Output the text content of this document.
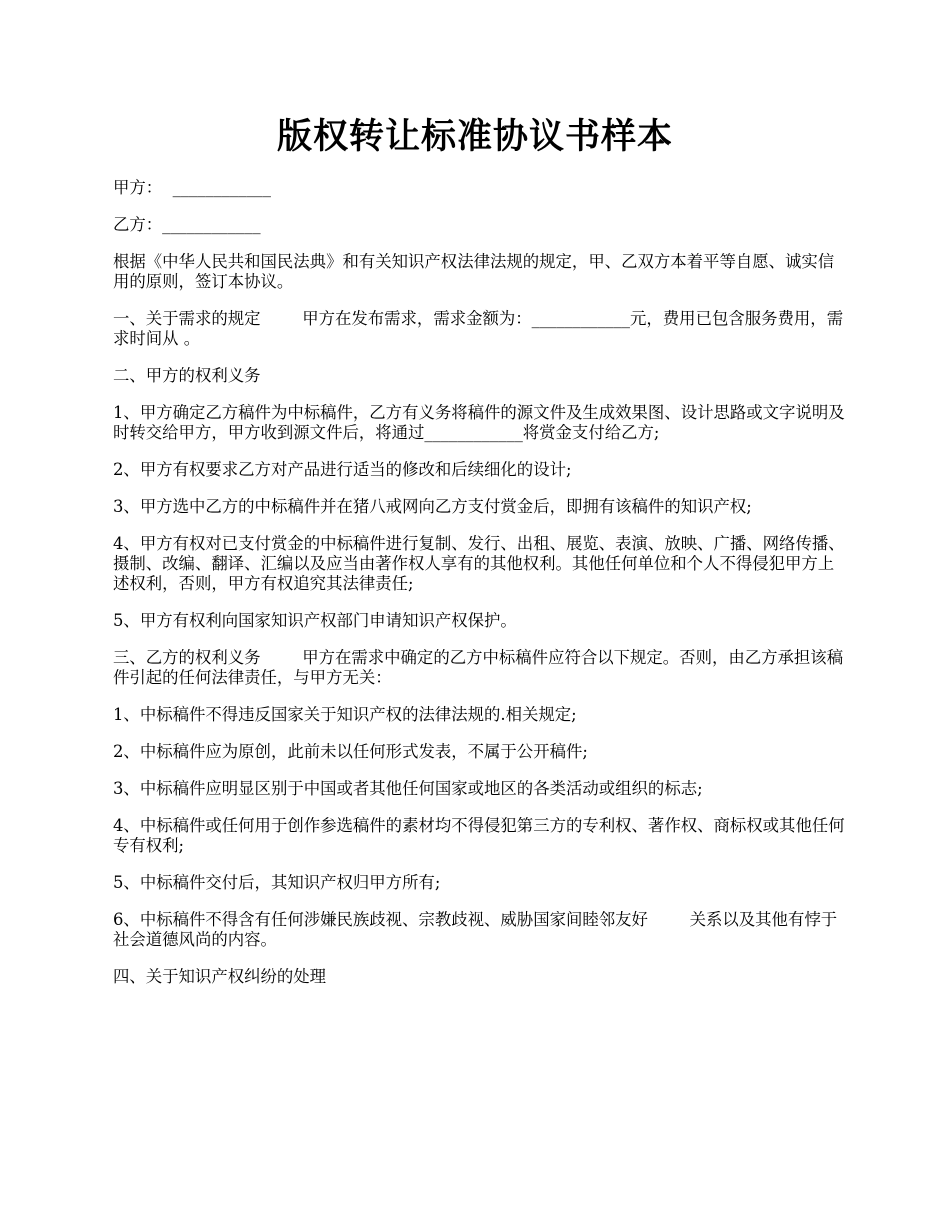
版权转让标准协议书样本

甲方：  ____________

乙方：____________

根据《中华人民共和国民法典》和有关知识产权法律法规的规定，甲、乙双方本着平等自愿、诚实信用的原则，签订本协议。

一、关于需求的规定        甲方在发布需求，需求金额为：____________元，费用已包含服务费用，需求时间从 。

二、甲方的权利义务

1、甲方确定乙方稿件为中标稿件，乙方有义务将稿件的源文件及生成效果图、设计思路或文字说明及时转交给甲方，甲方收到源文件后，将通过____________将赏金支付给乙方;

2、甲方有权要求乙方对产品进行适当的修改和后续细化的设计;

3、甲方选中乙方的中标稿件并在猪八戒网向乙方支付赏金后，即拥有该稿件的知识产权;

4、甲方有权对已支付赏金的中标稿件进行复制、发行、出租、展览、表演、放映、广播、网络传播、摄制、改编、翻译、汇编以及应当由著作权人享有的其他权利。其他任何单位和个人不得侵犯甲方上述权利，否则，甲方有权追究其法律责任;

5、甲方有权利向国家知识产权部门申请知识产权保护。

三、乙方的权利义务        甲方在需求中确定的乙方中标稿件应符合以下规定。否则，由乙方承担该稿件引起的任何法律责任，与甲方无关：

1、中标稿件不得违反国家关于知识产权的法律法规的.相关规定;

2、中标稿件应为原创，此前未以任何形式发表，不属于公开稿件;

3、中标稿件应明显区别于中国或者其他任何国家或地区的各类活动或组织的标志;

4、中标稿件或任何用于创作参选稿件的素材均不得侵犯第三方的专利权、著作权、商标权或其他任何专有权利;

5、中标稿件交付后，其知识产权归甲方所有;

6、中标稿件不得含有任何涉嫌民族歧视、宗教歧视、威胁国家间睦邻友好        关系以及其他有悖于社会道德风尚的内容。

四、关于知识产权纠纷的处理
